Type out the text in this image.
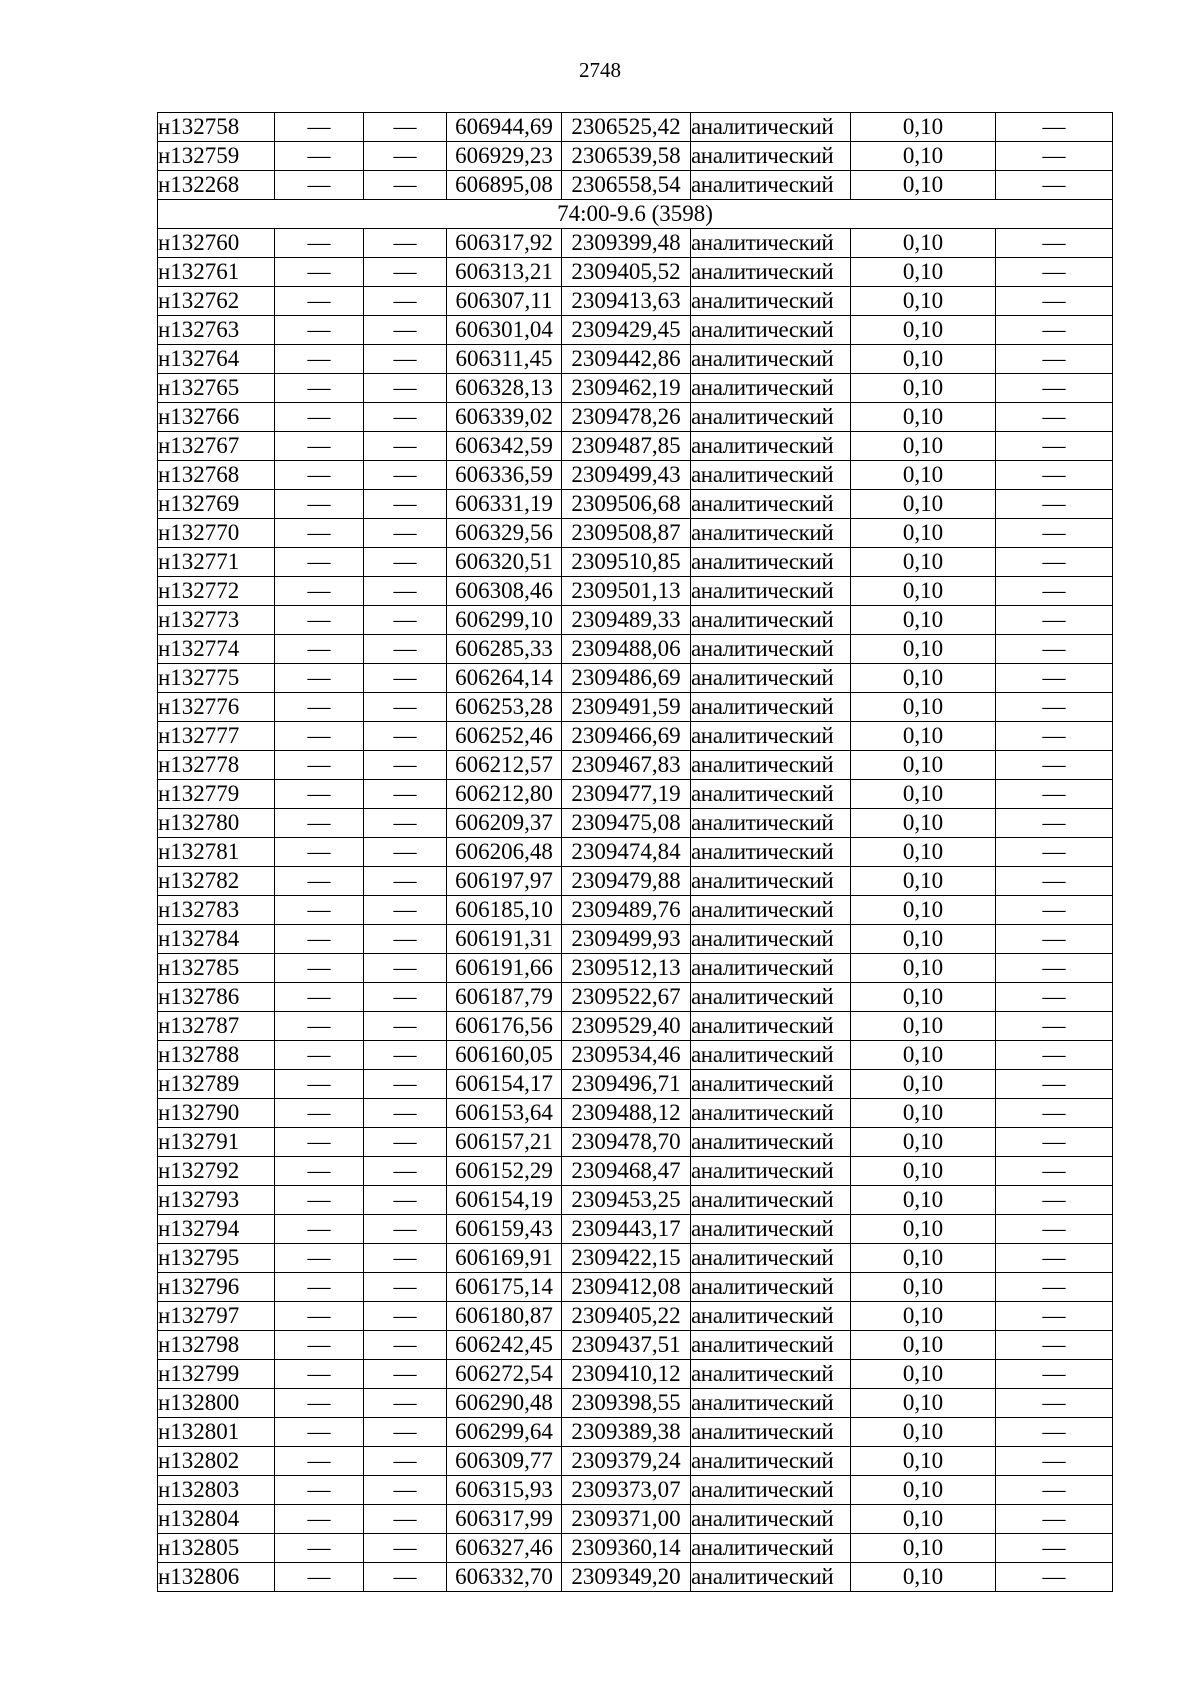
2748
н132758	—	—	606944,69	2306525,42	аналитический	0,10	—
н132759	—	—	606929,23	2306539,58	аналитический	0,10	—
н132268	—	—	606895,08	2306558,54	аналитический	0,10	—
74:00-9.6 (3598)							
н132760	—	—	606317,92	2309399,48	аналитический	0,10	—
н132761	—	—	606313,21	2309405,52	аналитический	0,10	—
н132762	—	—	606307,11	2309413,63	аналитический	0,10	—
н132763	—	—	606301,04	2309429,45	аналитический	0,10	—
н132764	—	—	606311,45	2309442,86	аналитический	0,10	—
н132765	—	—	606328,13	2309462,19	аналитический	0,10	—
н132766	—	—	606339,02	2309478,26	аналитический	0,10	—
н132767	—	—	606342,59	2309487,85	аналитический	0,10	—
н132768	—	—	606336,59	2309499,43	аналитический	0,10	—
н132769	—	—	606331,19	2309506,68	аналитический	0,10	—
н132770	—	—	606329,56	2309508,87	аналитический	0,10	—
н132771	—	—	606320,51	2309510,85	аналитический	0,10	—
н132772	—	—	606308,46	2309501,13	аналитический	0,10	—
н132773	—	—	606299,10	2309489,33	аналитический	0,10	—
н132774	—	—	606285,33	2309488,06	аналитический	0,10	—
н132775	—	—	606264,14	2309486,69	аналитический	0,10	—
н132776	—	—	606253,28	2309491,59	аналитический	0,10	—
н132777	—	—	606252,46	2309466,69	аналитический	0,10	—
н132778	—	—	606212,57	2309467,83	аналитический	0,10	—
н132779	—	—	606212,80	2309477,19	аналитический	0,10	—
н132780	—	—	606209,37	2309475,08	аналитический	0,10	—
н132781	—	—	606206,48	2309474,84	аналитический	0,10	—
н132782	—	—	606197,97	2309479,88	аналитический	0,10	—
н132783	—	—	606185,10	2309489,76	аналитический	0,10	—
н132784	—	—	606191,31	2309499,93	аналитический	0,10	—
н132785	—	—	606191,66	2309512,13	аналитический	0,10	—
н132786	—	—	606187,79	2309522,67	аналитический	0,10	—
н132787	—	—	606176,56	2309529,40	аналитический	0,10	—
н132788	—	—	606160,05	2309534,46	аналитический	0,10	—
н132789	—	—	606154,17	2309496,71	аналитический	0,10	—
н132790	—	—	606153,64	2309488,12	аналитический	0,10	—
н132791	—	—	606157,21	2309478,70	аналитический	0,10	—
н132792	—	—	606152,29	2309468,47	аналитический	0,10	—
н132793	—	—	606154,19	2309453,25	аналитический	0,10	—
н132794	—	—	606159,43	2309443,17	аналитический	0,10	—
н132795	—	—	606169,91	2309422,15	аналитический	0,10	—
н132796	—	—	606175,14	2309412,08	аналитический	0,10	—
н132797	—	—	606180,87	2309405,22	аналитический	0,10	—
н132798	—	—	606242,45	2309437,51	аналитический	0,10	—
н132799	—	—	606272,54	2309410,12	аналитический	0,10	—
н132800	—	—	606290,48	2309398,55	аналитический	0,10	—
н132801	—	—	606299,64	2309389,38	аналитический	0,10	—
н132802	—	—	606309,77	2309379,24	аналитический	0,10	—
н132803	—	—	606315,93	2309373,07	аналитический	0,10	—
н132804	—	—	606317,99	2309371,00	аналитический	0,10	—
н132805	—	—	606327,46	2309360,14	аналитический	0,10	—
н132806	—	—	606332,70	2309349,20	аналитический	0,10	—
